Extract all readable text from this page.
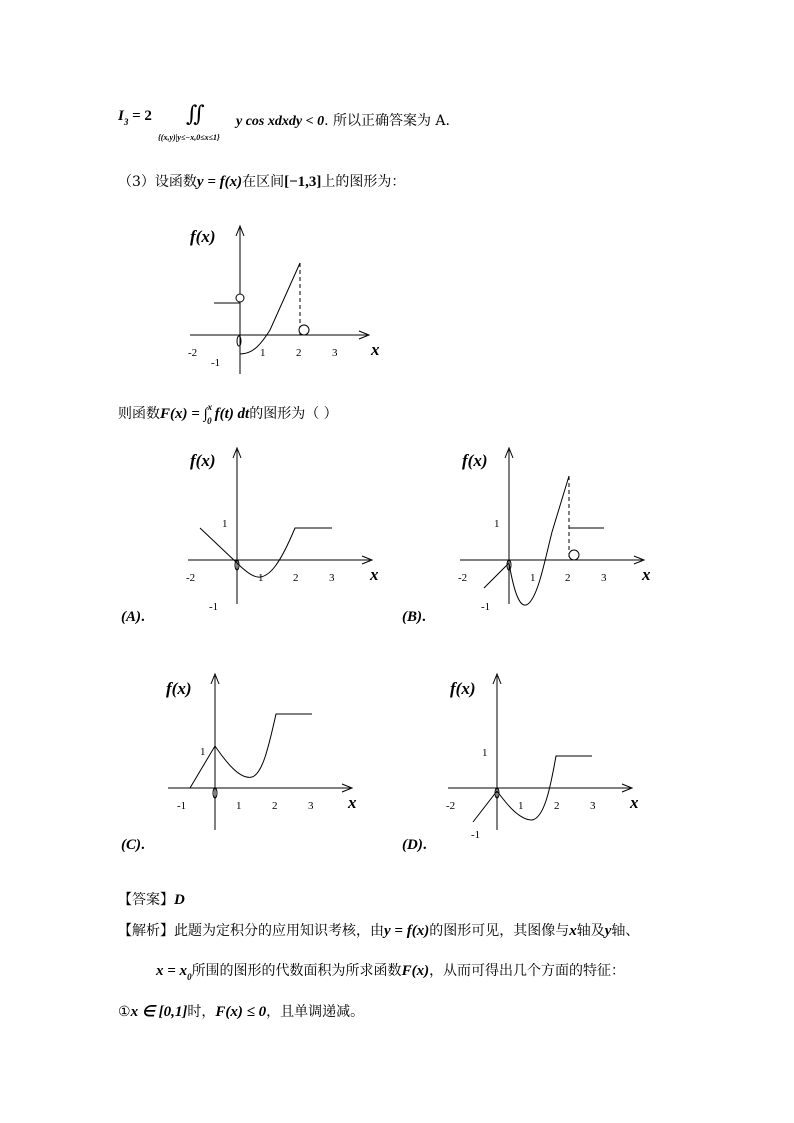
$I_3 = 2$ ∬
{(x,y)|y≤−x,0≤x≤1}
y cos xdxdy < 0. 所以正确答案为 A.
（3）设函数y = f(x)在区间[−1,3]上的图形为：
f(x)
x
-2
-1
1	2	3
则函数F(x) = ∫$^x_0$ f(t) dt的图形为（ ）
f(x)
x
-2	1	2	3
1
-1
f(x)
x
-2	1	2	3
1
-1
(A).	(B).
f(x)
x
-1	1	2	3
1
f(x)
x
-2	1	2	3
1
-1
(C).	(D).
【答案】D
【解析】此题为定积分的应用知识考核，由y = f(x)的图形可见，其图像与x轴及y轴、
$x = x_0$所围的图形的代数面积为所求函数F(x)，从而可得出几个方面的特征：
①x ∈ [0,1]时，F(x) ≤ 0，且单调递减。
